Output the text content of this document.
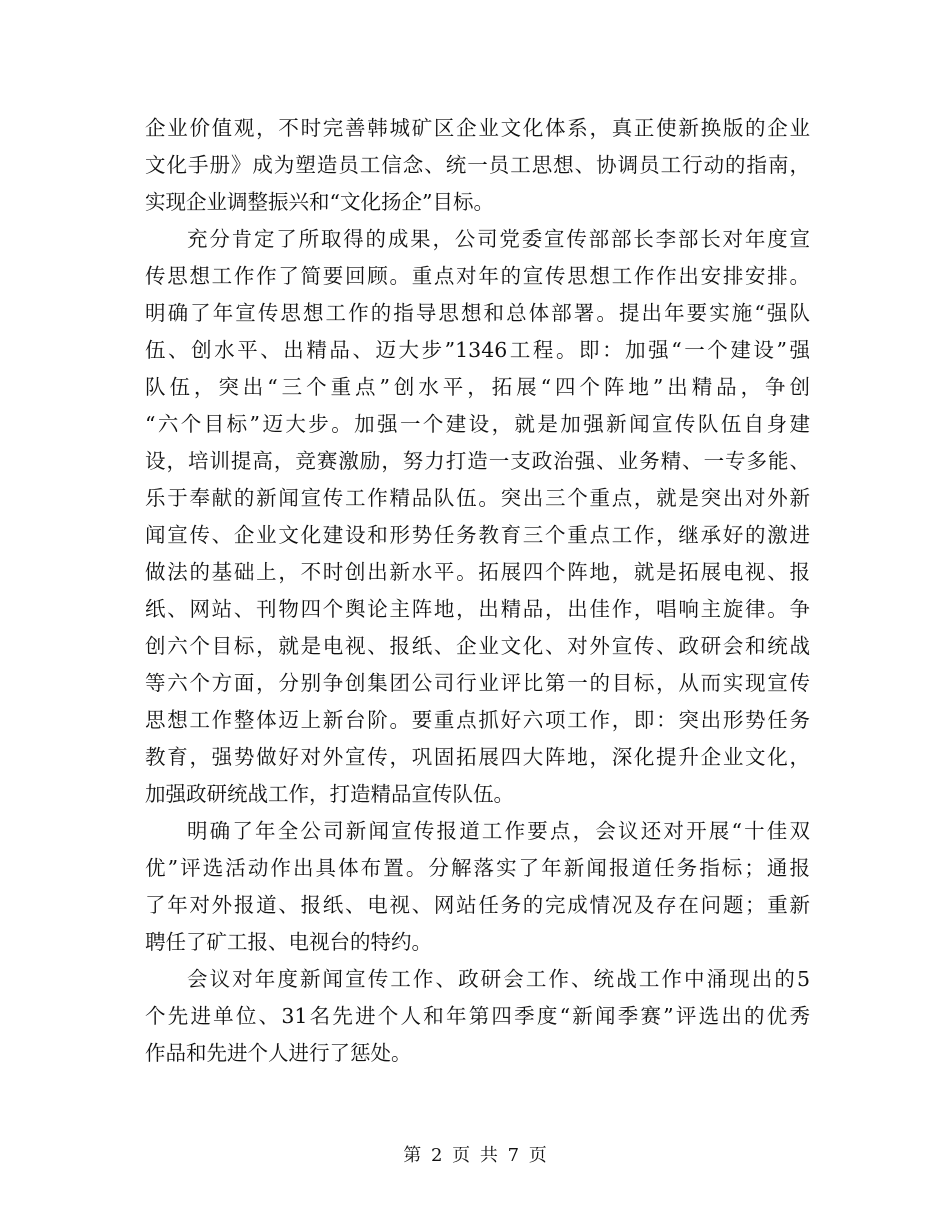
企业价值观，不时完善韩城矿区企业文化体系，真正使新换版的企业
文化手册》成为塑造员工信念、统一员工思想、协调员工行动的指南，
实现企业调整振兴和“文化扬企”目标。
充分肯定了所取得的成果，公司党委宣传部部长李部长对年度宣
传思想工作作了简要回顾。重点对年的宣传思想工作作出安排安排。
明确了年宣传思想工作的指导思想和总体部署。提出年要实施“强队
伍、创水平、出精品、迈大步”1346工程。即：加强“一个建设”强
队伍，突出“三个重点”创水平，拓展“四个阵地”出精品，争创
“六个目标”迈大步。加强一个建设，就是加强新闻宣传队伍自身建
设，培训提高，竞赛激励，努力打造一支政治强、业务精、一专多能、
乐于奉献的新闻宣传工作精品队伍。突出三个重点，就是突出对外新
闻宣传、企业文化建设和形势任务教育三个重点工作，继承好的激进
做法的基础上，不时创出新水平。拓展四个阵地，就是拓展电视、报
纸、网站、刊物四个舆论主阵地，出精品，出佳作，唱响主旋律。争
创六个目标，就是电视、报纸、企业文化、对外宣传、政研会和统战
等六个方面，分别争创集团公司行业评比第一的目标，从而实现宣传
思想工作整体迈上新台阶。要重点抓好六项工作，即：突出形势任务
教育，强势做好对外宣传，巩固拓展四大阵地，深化提升企业文化，
加强政研统战工作，打造精品宣传队伍。
明确了年全公司新闻宣传报道工作要点，会议还对开展“十佳双
优”评选活动作出具体布置。分解落实了年新闻报道任务指标；通报
了年对外报道、报纸、电视、网站任务的完成情况及存在问题；重新
聘任了矿工报、电视台的特约。
会议对年度新闻宣传工作、政研会工作、统战工作中涌现出的5
个先进单位、31名先进个人和年第四季度“新闻季赛”评选出的优秀
作品和先进个人进行了惩处。
第 2 页 共 7 页
